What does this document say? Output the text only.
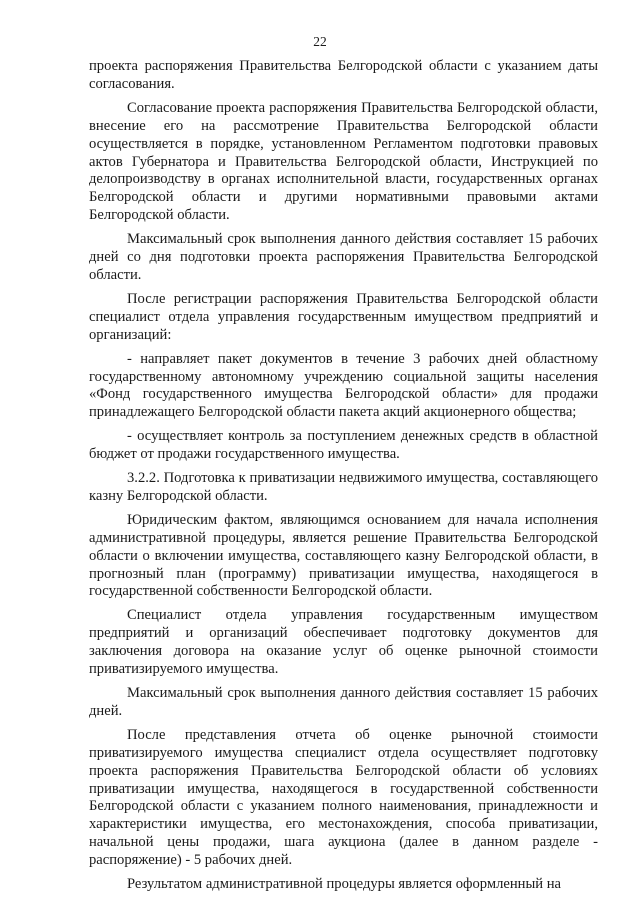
22

проекта распоряжения Правительства Белгородской области с указанием даты согласования.

Согласование проекта распоряжения Правительства Белгородской области, внесение его на рассмотрение Правительства Белгородской области осуществляется в порядке, установленном Регламентом подготовки правовых актов Губернатора и Правительства Белгородской области, Инструкцией по делопроизводству в органах исполнительной власти, государственных органах Белгородской области и другими нормативными правовыми актами Белгородской области.

Максимальный срок выполнения данного действия составляет 15 рабочих дней со дня подготовки проекта распоряжения Правительства Белгородской области.

После регистрации распоряжения Правительства Белгородской области специалист отдела управления государственным имуществом предприятий и организаций:

- направляет пакет документов в течение 3 рабочих дней областному государственному автономному учреждению социальной защиты населения «Фонд государственного имущества Белгородской области» для продажи принадлежащего Белгородской области пакета акций акционерного общества;

- осуществляет контроль за поступлением денежных средств в областной бюджет от продажи государственного имущества.

3.2.2. Подготовка к приватизации недвижимого имущества, составляющего казну Белгородской области.

Юридическим фактом, являющимся основанием для начала исполнения административной процедуры, является решение Правительства Белгородской области о включении имущества, составляющего казну Белгородской области, в прогнозный план (программу) приватизации имущества, находящегося в государственной собственности Белгородской области.

Специалист отдела управления государственным имуществом предприятий и организаций обеспечивает подготовку документов для заключения договора на оказание услуг об оценке рыночной стоимости приватизируемого имущества.

Максимальный срок выполнения данного действия составляет 15 рабочих дней.

После представления отчета об оценке рыночной стоимости приватизируемого имущества специалист отдела осуществляет подготовку проекта распоряжения Правительства Белгородской области об условиях приватизации имущества, находящегося в государственной собственности Белгородской области с указанием полного наименования, принадлежности и характеристики имущества, его местонахождения, способа приватизации, начальной цены продажи, шага аукциона (далее в данном разделе - распоряжение) - 5 рабочих дней.

Результатом административной процедуры является оформленный на
